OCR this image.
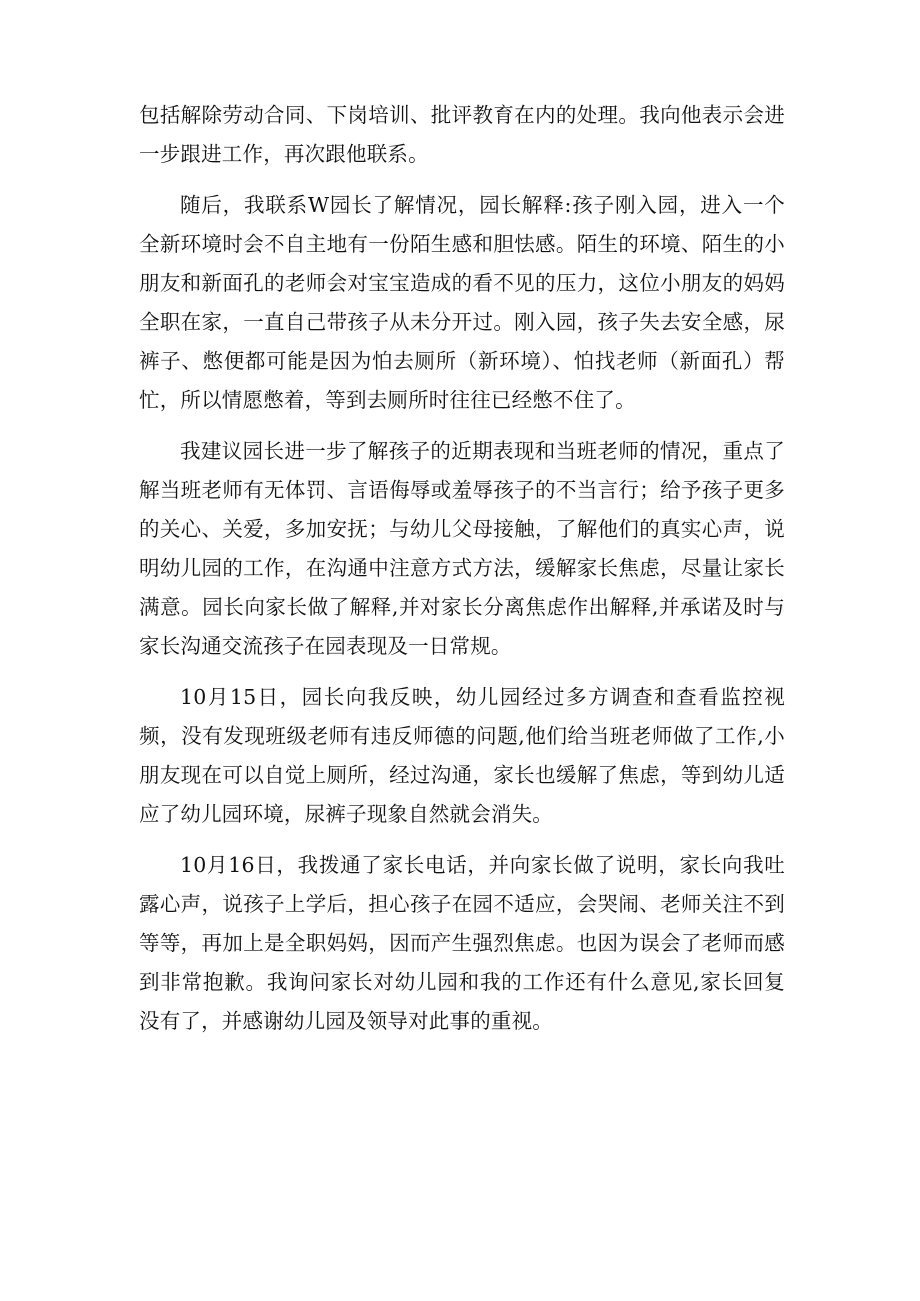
包括解除劳动合同、下岗培训、批评教育在内的处理。我向他表示会进一步跟进工作，再次跟他联系。

随后，我联系W园长了解情况，园长解释:孩子刚入园，进入一个全新环境时会不自主地有一份陌生感和胆怯感。陌生的环境、陌生的小朋友和新面孔的老师会对宝宝造成的看不见的压力，这位小朋友的妈妈全职在家，一直自己带孩子从未分开过。刚入园，孩子失去安全感，尿裤子、憋便都可能是因为怕去厕所（新环境）、怕找老师（新面孔）帮忙，所以情愿憋着，等到去厕所时往往已经憋不住了。

我建议园长进一步了解孩子的近期表现和当班老师的情况，重点了解当班老师有无体罚、言语侮辱或羞辱孩子的不当言行；给予孩子更多的关心、关爱，多加安抚；与幼儿父母接触，了解他们的真实心声，说明幼儿园的工作，在沟通中注意方式方法，缓解家长焦虑，尽量让家长满意。园长向家长做了解释,并对家长分离焦虑作出解释,并承诺及时与家长沟通交流孩子在园表现及一日常规。

10月15日，园长向我反映，幼儿园经过多方调查和查看监控视频，没有发现班级老师有违反师德的问题,他们给当班老师做了工作,小朋友现在可以自觉上厕所，经过沟通，家长也缓解了焦虑，等到幼儿适应了幼儿园环境，尿裤子现象自然就会消失。

10月16日，我拨通了家长电话，并向家长做了说明，家长向我吐露心声，说孩子上学后，担心孩子在园不适应，会哭闹、老师关注不到等等，再加上是全职妈妈，因而产生强烈焦虑。也因为误会了老师而感到非常抱歉。我询问家长对幼儿园和我的工作还有什么意见,家长回复没有了，并感谢幼儿园及领导对此事的重视。
